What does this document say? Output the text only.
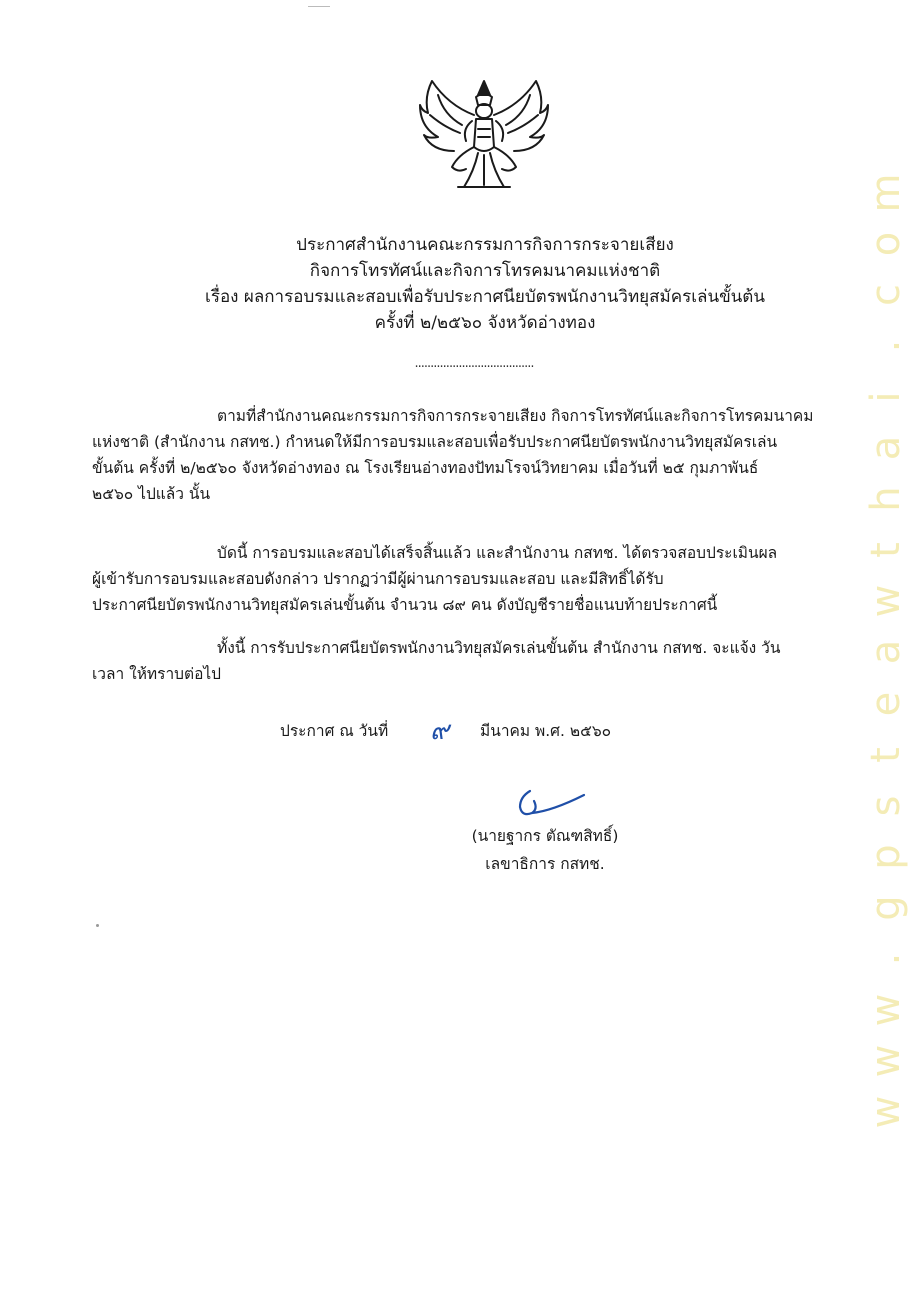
ประกาศสำนักงานคณะกรรมการกิจการกระจายเสียง
กิจการโทรทัศน์และกิจการโทรคมนาคมแห่งชาติ
เรื่อง ผลการอบรมและสอบเพื่อรับประกาศนียบัตรพนักงานวิทยุสมัครเล่นขั้นต้น
ครั้งที่ ๒/๒๕๖๐ จังหวัดอ่างทอง
......................................
ตามที่สำนักงานคณะกรรมการกิจการกระจายเสียง กิจการโทรทัศน์และกิจการโทรคมนาคม
แห่งชาติ (สำนักงาน กสทช.) กำหนดให้มีการอบรมและสอบเพื่อรับประกาศนียบัตรพนักงานวิทยุสมัครเล่น
ขั้นต้น ครั้งที่ ๒/๒๕๖๐ จังหวัดอ่างทอง ณ โรงเรียนอ่างทองปัทมโรจน์วิทยาคม เมื่อวันที่ ๒๕ กุมภาพันธ์
๒๕๖๐ ไปแล้ว นั้น
บัดนี้ การอบรมและสอบได้เสร็จสิ้นแล้ว และสำนักงาน กสทช. ได้ตรวจสอบประเมินผล
ผู้เข้ารับการอบรมและสอบดังกล่าว ปรากฏว่ามีผู้ผ่านการอบรมและสอบ และมีสิทธิ์ได้รับ
ประกาศนียบัตรพนักงานวิทยุสมัครเล่นขั้นต้น จำนวน ๘๙ คน ดังบัญชีรายชื่อแนบท้ายประกาศนี้
ทั้งนี้ การรับประกาศนียบัตรพนักงานวิทยุสมัครเล่นขั้นต้น สำนักงาน กสทช. จะแจ้ง วัน
เวลา ให้ทราบต่อไป
ประกาศ ณ วันที่ ๙ มีนาคม พ.ศ. ๒๕๖๐
(นายฐากร ตัณฑสิทธิ์)
เลขาธิการ กสทช.
m
o
c
.
i
a
h
t
w
a
e
t
s
p
g
.
w
w
w
